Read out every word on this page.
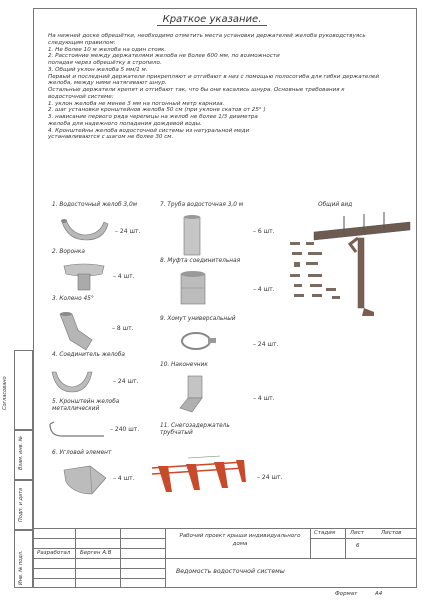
Согласовано
Взам. инв. №
Подп. и дата
Инв. № подл.
Краткое указание.
На нижней доске обрешётки, необходимо отметить места установки держателей желоба руководствуясь
следующим правилом:
1. Не более 10 м желоба на один стояк.
2. Расстояние между держателями желоба не более 600 мм, по возможности
попадая через обрешётку в стропило.
3. Общий уклон желоба 5 мм/1 м.
Первый и последний держатели прикрепляют и отгибают в низ с помощью полосогиба для гибки держателей
желоба, между ними натягивают шнур.
Остальные держатели крепят и отгибают так, что бы они касались шнура. Основные требования к
водосточной системе:
1. уклон желоба не менее 3 мм на погонный метр карниза.
2. шаг установки кронштейнов желоба 50 см (при уклоне скатов от 25° )
3. нависание первого ряда черепицы на желоб не более 1/3 диаметра
желоба для надежного попадания дождевой воды.
4. Кронштейны желоба водосточной системы из натуральной меди
устанавливаются с шагом не более 30 см.
1. Водосточный желоб 3,0м
– 24 шт.
2. Воронка
– 4 шт.
3. Колено 45°
– 8 шт.
4. Соединитель желоба
– 24 шт.
5. Кронштейн желоба металлический
– 240 шт.
6. Угловой элемент
– 4 шт.
7. Труба водосточная 3,0 м
– 6 шт.
8. Муфта соединительная
– 4 шт.
9. Хомут универсальный
– 24 шт.
10. Наконечник
– 4 шт.
11. Снегозадержатель трубчатый
– 24 шт.
Общий вид
Рабочий проект крыши индивидуального дома
Стадия	Лист	Листов
6
Разработал Берген А.В
Ведомость водосточной системы
Формат	А4
